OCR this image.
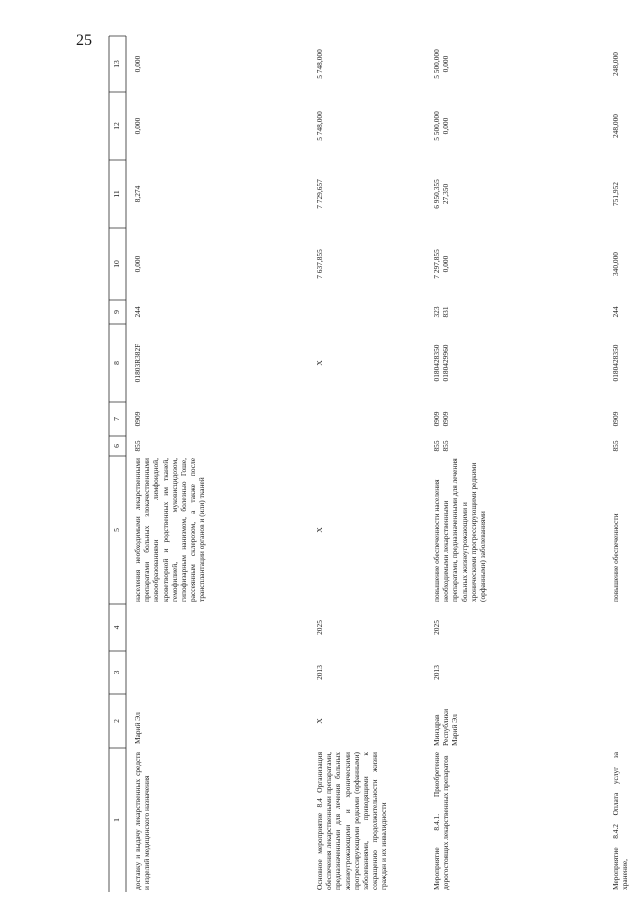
25
1
2
3
4
5
6
7
8
9
10
11
12
13
доставку и выдачу лекарственных средств и изделий медицинского назначения
Марий Эл
населения необходимыми лекарственными препаратами больных злокачественными новообразованиями лимфоидной, кроветворной и родственных им тканей, гемофилией, муковисцидозом, гипофизарным нанизмом, болезнью Гоше, рассеянным склерозом, а также после трансплантации органов и (или) тканей
855
0909
01803R382F
244
0,000
8,274
0,000
0,000
Основное мероприятие 8.4 Организация обеспечения лекарственными препаратами, предназначенными для лечения больных жизнеугрожающими и хроническими прогрессирующими редкими (орфанными) заболеваниями, приводящими к сокращению продолжительности жизни граждан и их инвалидности
X
2013
2025
X
X
7 637,855
7 729,657
5 748,000
5 748,000
Мероприятие 8.4.1. Приобретение дорогостоящих лекарственных препаратов
Минздрав Республики Марий Эл
2013
2025
повышение обеспеченности населения необходимыми лекарственными препаратами, предназначенными для лечения больных жизнеугрожающими и хроническими прогрессирующими редкими (орфанными) заболеваниями
855 855
0909 0909
0180428350 0180429960
323 831
7 297,855 0,000
6 950,355 27,350
5 500,000 0,000
5 500,000 0,000
Мероприятие 8.4.2 Оплата услуг за хранение,
повышение обеспеченности
855
0909
0180428350
244
340,000
751,952
248,000
248,000
